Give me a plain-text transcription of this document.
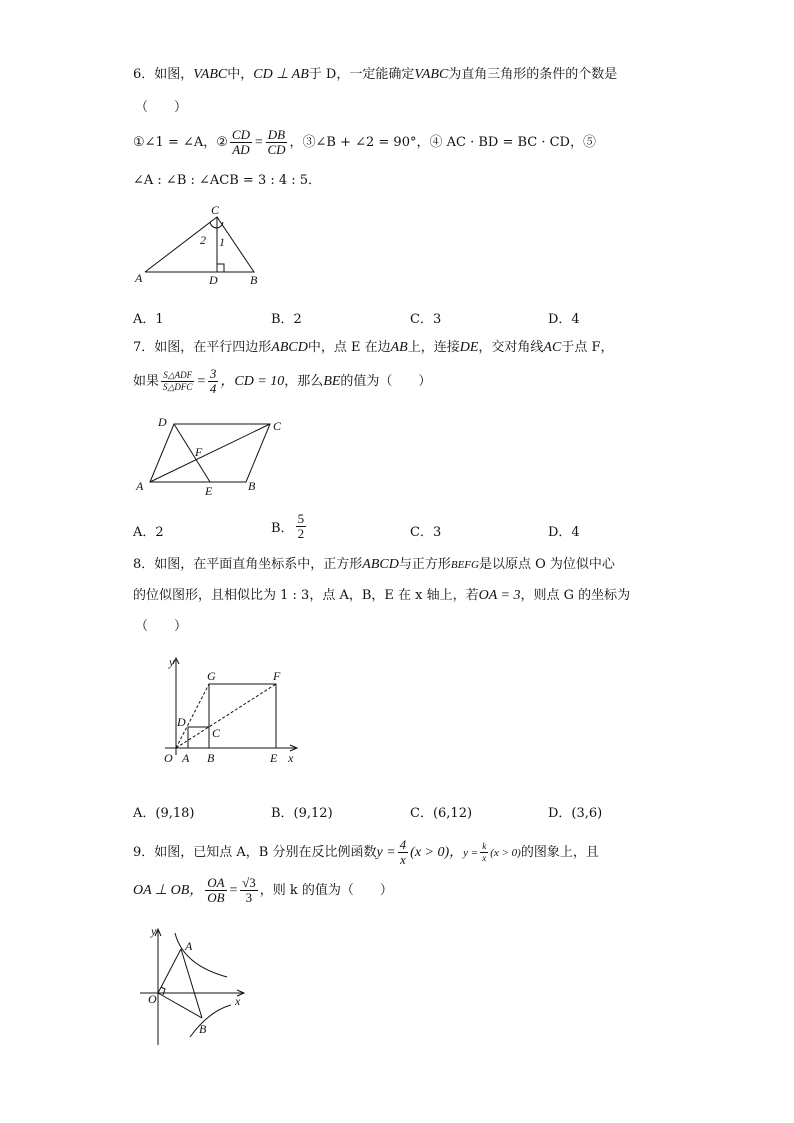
6．如图，VABC中，CD ⊥ AB于 D，一定能确定VABC为直角三角形的条件的个数是
（　　）
①∠1 = ∠A，② $\frac{CD}{AD} = \frac{DB}{CD}$ ，③∠B + ∠2 = 90°，④ AC · BD = BC · CD，⑤
∠A : ∠B : ∠ACB = 3 : 4 : 5．
C
2 1
A	D	B
A．1	B．2	C．3	D．4
7．如图，在平行四边形ABCD中，点 E 在边AB上，连接DE，交对角线AC于点 F，
如果 $\frac{\text{S△ADF}}{\text{S△DFC}} = \frac{3}{4}$ ，CD = 10，那么BE的值为（　　）
D	C
F
A	E	B
A．2	B． $\frac{5}{2}$	C．3	D．4
8．如图，在平面直角坐标系中，正方形ABCD与正方形BEFG是以原点 O 为位似中心
的位似图形，且相似比为 1 : 3，点 A，B，E 在 x 轴上，若OA = 3，则点 G 的坐标为
（　　）
y
G	F
D
C
O A B	E x
A．(9,18)	B．(9,12)	C．(6,12)	D．(3,6)
9．如图，已知点 A，B 分别在反比例函数$y = \frac{4}{x} (x > 0)$，$y = \frac{k}{x} (x > 0)$的图象上，且
OA ⊥ OB， $\frac{OA}{OB} = \frac{√3}{3}$ ，则 k 的值为（　　）
y
A
O	x
B
